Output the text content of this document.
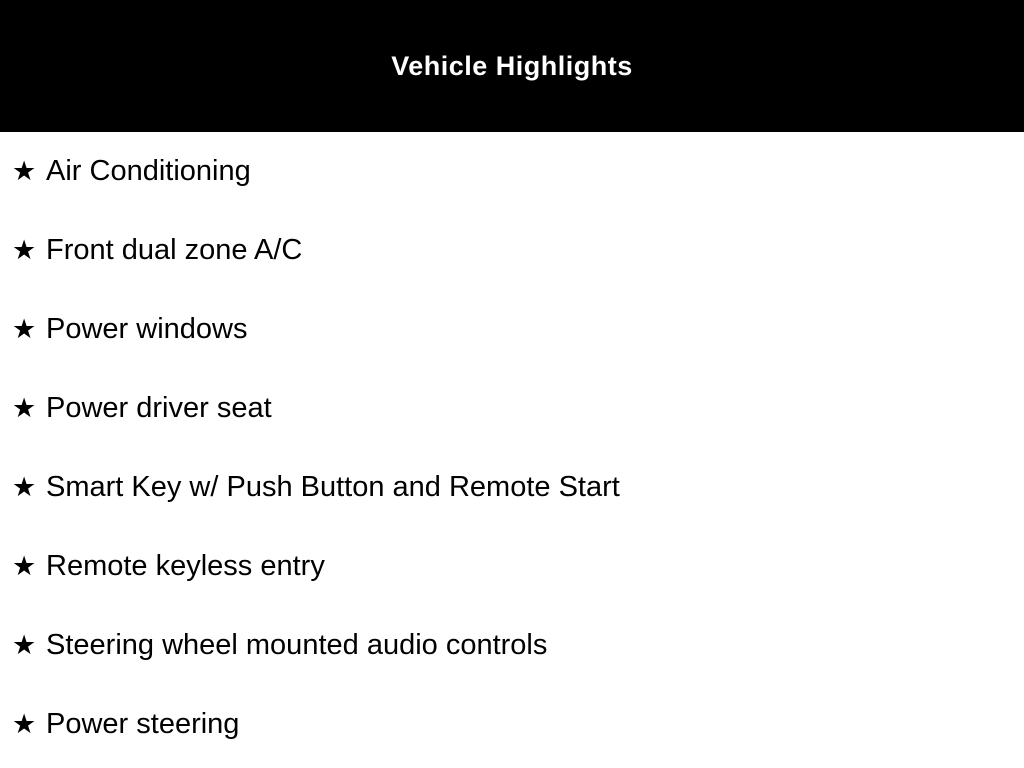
Vehicle Highlights
★ Air Conditioning
★ Front dual zone A/C
★ Power windows
★ Power driver seat
★ Smart Key w/ Push Button and Remote Start
★ Remote keyless entry
★ Steering wheel mounted audio controls
★ Power steering
